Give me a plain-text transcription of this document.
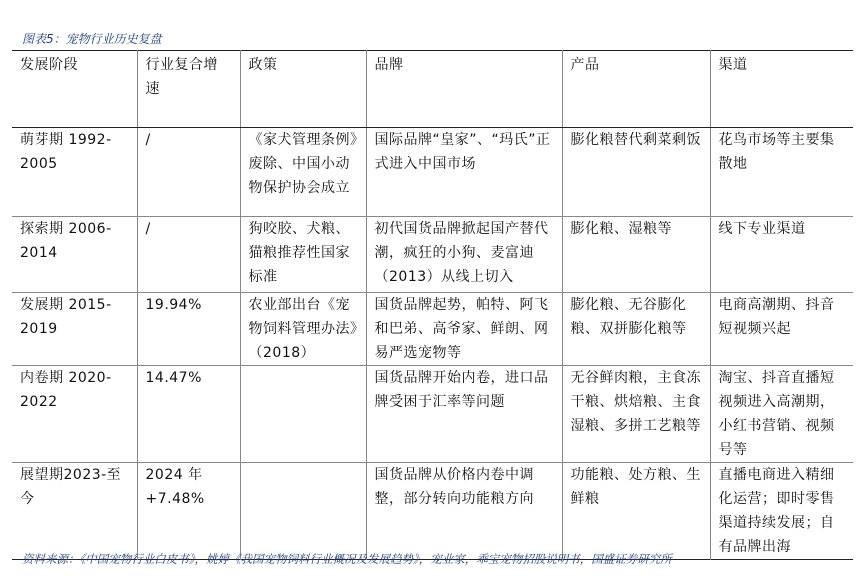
图表5：宠物行业历史复盘
发展阶段	行业复合增速	政策	品牌	产品	渠道
萌芽期 1992-2005	/	《家犬管理条例》废除、中国小动物保护协会成立	国际品牌“皇家”、“玛氏”正式进入中国市场	膨化粮替代剩菜剩饭	花鸟市场等主要集散地
探索期 2006-2014	/	狗咬胶、犬粮、猫粮推荐性国家标准	初代国货品牌掀起国产替代潮，疯狂的小狗、麦富迪（2013）从线上切入	膨化粮、湿粮等	线下专业渠道
发展期 2015-2019	19.94%	农业部出台《宠物饲料管理办法》（2018）	国货品牌起势，帕特、阿飞和巴弟、高爷家、鲜朗、网易严选宠物等	膨化粮、无谷膨化粮、双拼膨化粮等	电商高潮期、抖音短视频兴起
内卷期 2020-2022	14.47%		国货品牌开始内卷，进口品牌受困于汇率等问题	无谷鲜肉粮，主食冻干粮、烘焙粮、主食湿粮、多拼工艺粮等	淘宝、抖音直播短视频进入高潮期，小红书营销、视频号等
展望期2023-至今	2024 年 +7.48%		国货品牌从价格内卷中调整，部分转向功能粮方向	功能粮、处方粮、生鲜粮	直播电商进入精细化运营；即时零售渠道持续发展；自有品牌出海
资料来源：《中国宠物行业白皮书》，姚婷《我国宠物饲料行业概况及发展趋势》，宠业家，乖宝宠物招股说明书，国盛证券研究所
